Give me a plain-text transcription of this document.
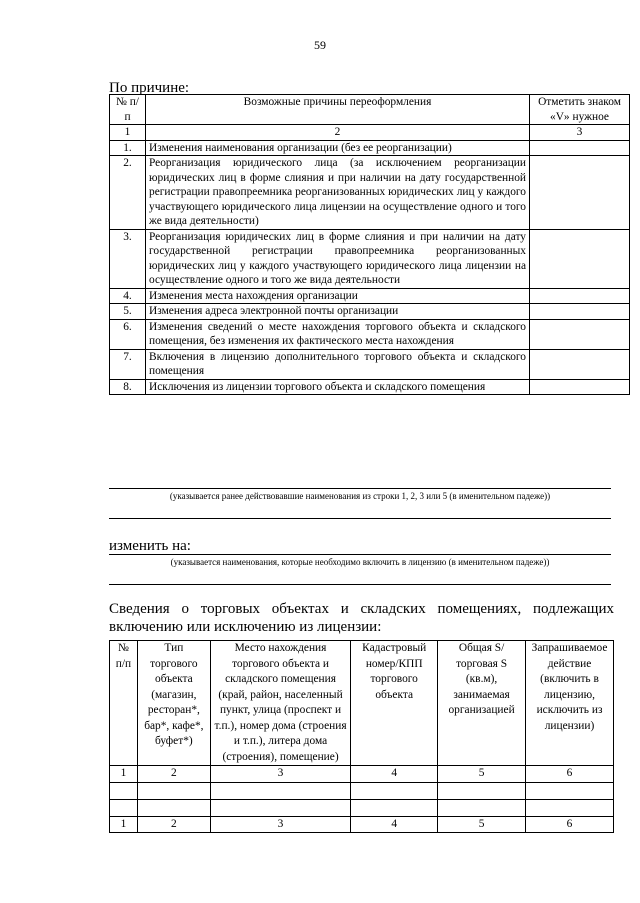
59
По причине:
№ п/п	Возможные причины переоформления	Отметить знаком «V» нужное
1	2	3
1.	Изменения наименования организации (без ее реорганизации)	
2.	Реорганизация юридического лица (за исключением реорганизации юридических лиц в форме слияния и при наличии на дату государственной регистрации правопреемника реорганизованных юридических лиц у каждого участвующего юридического лица лицензии на осуществление одного и того же вида деятельности)	
3.	Реорганизация юридических лиц в форме слияния и при наличии на дату государственной регистрации правопреемника реорганизованных юридических лиц у каждого участвующего юридического лица лицензии на осуществление одного и того же вида деятельности	
4.	Изменения места нахождения организации	
5.	Изменения адреса электронной почты организации	
6.	Изменения сведений о месте нахождения торгового объекта и складского помещения, без изменения их фактического места нахождения	
7.	Включения в лицензию дополнительного торгового объекта и складского помещения	
8.	Исключения из лицензии торгового объекта и складского помещения	
(указывается ранее действовавшие наименования из строки 1, 2, 3 или 5 (в именительном падеже))
изменить на:
(указывается наименования, которые необходимо включить в лицензию (в именительном падеже))
Сведения о торговых объектах и складских помещениях, подлежащих включению или исключению из лицензии:
№ п/п	Тип торгового объекта (магазин, ресторан*, бар*, кафе*, буфет*)	Место нахождения торгового объекта и складского помещения (край, район, населенный пункт, улица (проспект и т.п.), номер дома (строения и т.п.), литера дома (строения), помещение)	Кадастровый номер/КПП торгового объекта	Общая S/ торговая S (кв.м), занимаемая организацией	Запрашиваемое действие (включить в лицензию, исключить из лицензии)
1	2	3	4	5	6

1	2	3	4	5	6
